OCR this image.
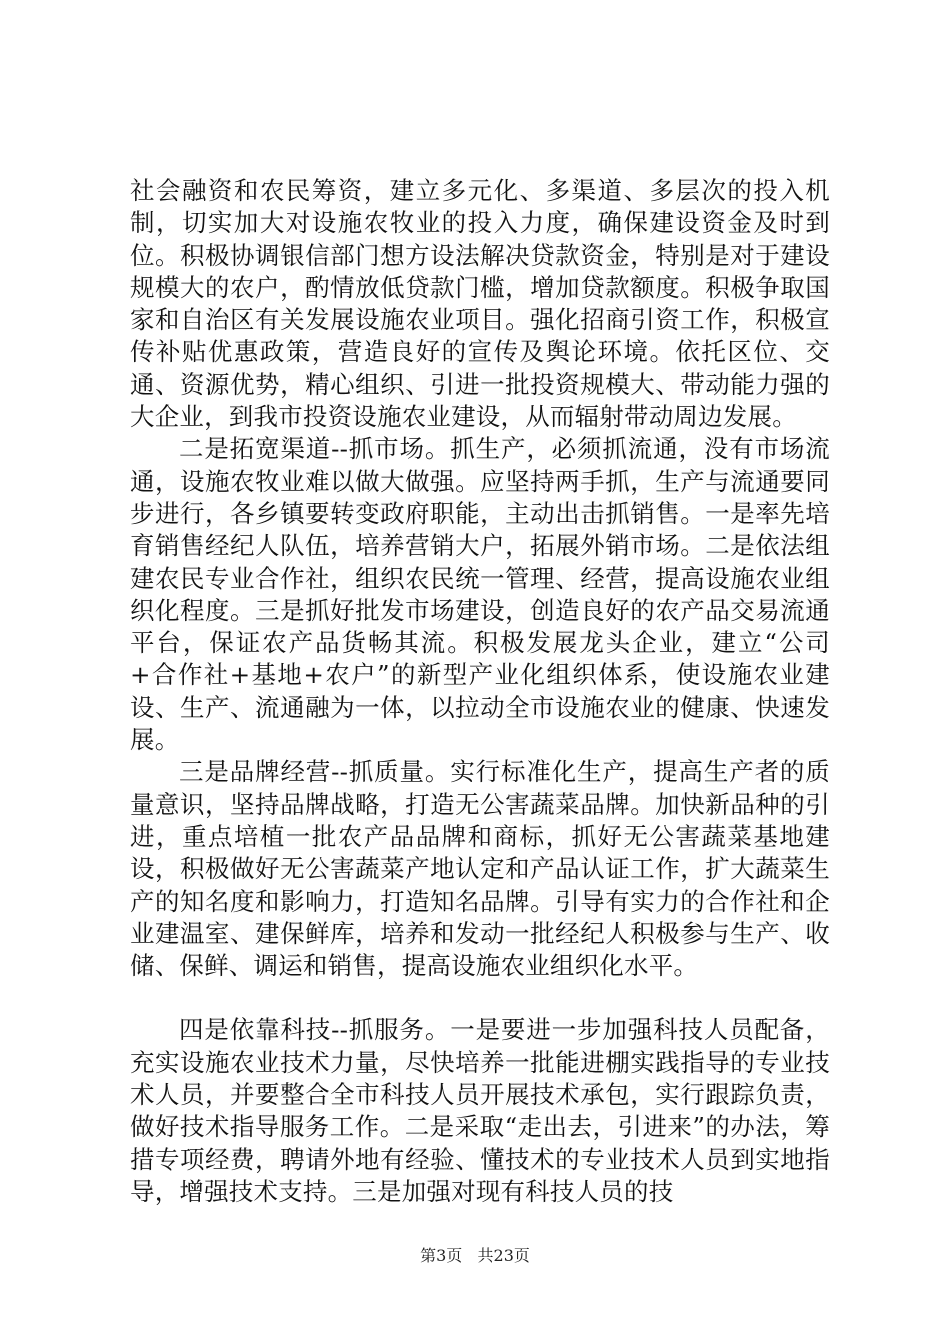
社会融资和农民筹资，建立多元化、多渠道、多层次的投入机制，切实加大对设施农牧业的投入力度，确保建设资金及时到位。积极协调银信部门想方设法解决贷款资金，特别是对于建设规模大的农户，酌情放低贷款门槛，增加贷款额度。积极争取国家和自治区有关发展设施农业项目。强化招商引资工作，积极宣传补贴优惠政策，营造良好的宣传及舆论环境。依托区位、交通、资源优势，精心组织、引进一批投资规模大、带动能力强的大企业，到我市投资设施农业建设，从而辐射带动周边发展。

二是拓宽渠道--抓市场。抓生产，必须抓流通，没有市场流通，设施农牧业难以做大做强。应坚持两手抓，生产与流通要同步进行，各乡镇要转变政府职能，主动出击抓销售。一是率先培育销售经纪人队伍，培养营销大户，拓展外销市场。二是依法组建农民专业合作社，组织农民统一管理、经营，提高设施农业组织化程度。三是抓好批发市场建设，创造良好的农产品交易流通平台，保证农产品货畅其流。积极发展龙头企业，建立“公司+合作社+基地+农户”的新型产业化组织体系，使设施农业建设、生产、流通融为一体，以拉动全市设施农业的健康、快速发展。

三是品牌经营--抓质量。实行标准化生产，提高生产者的质量意识，坚持品牌战略，打造无公害蔬菜品牌。加快新品种的引进，重点培植一批农产品品牌和商标，抓好无公害蔬菜基地建设，积极做好无公害蔬菜产地认定和产品认证工作，扩大蔬菜生产的知名度和影响力，打造知名品牌。引导有实力的合作社和企业建温室、建保鲜库，培养和发动一批经纪人积极参与生产、收储、保鲜、调运和销售，提高设施农业组织化水平。

四是依靠科技--抓服务。一是要进一步加强科技人员配备，充实设施农业技术力量，尽快培养一批能进棚实践指导的专业技术人员，并要整合全市科技人员开展技术承包，实行跟踪负责，做好技术指导服务工作。二是采取“走出去，引进来”的办法，筹措专项经费，聘请外地有经验、懂技术的专业技术人员到实地指导，增强技术支持。三是加强对现有科技人员的技

第3页 共23页
